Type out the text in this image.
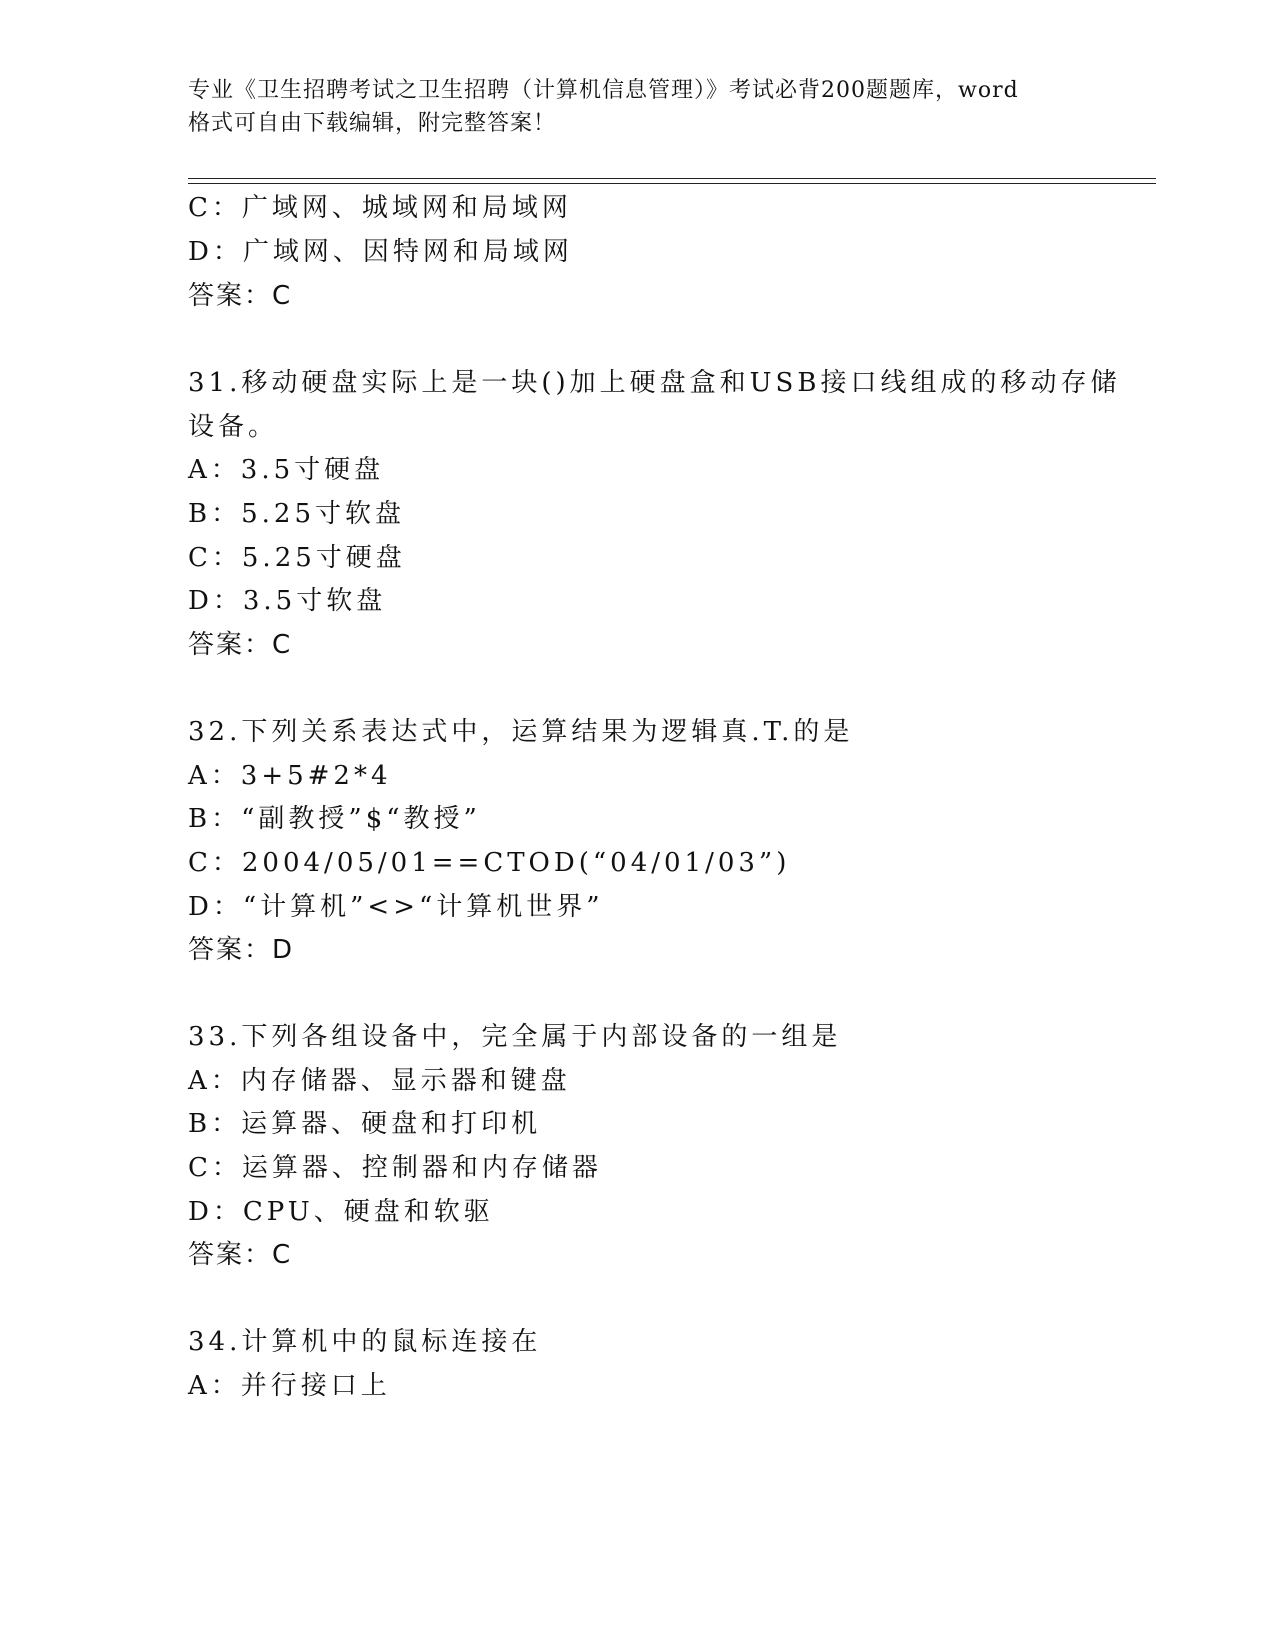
专业《卫生招聘考试之卫生招聘（计算机信息管理）》考试必背200题题库，word
格式可自由下载编辑，附完整答案！
C：广域网、城域网和局域网
D：广域网、因特网和局域网
答案：C
31.移动硬盘实际上是一块()加上硬盘盒和USB接口线组成的移动存储
设备。
A：3.5寸硬盘
B：5.25寸软盘
C：5.25寸硬盘
D：3.5寸软盘
答案：C
32.下列关系表达式中，运算结果为逻辑真.T.的是
A：3+5#2*4
B：“副教授”$“教授”
C：2004/05/01==CTOD(“04/01/03”)
D：“计算机”<>“计算机世界”
答案：D
33.下列各组设备中，完全属于内部设备的一组是
A：内存储器、显示器和键盘
B：运算器、硬盘和打印机
C：运算器、控制器和内存储器
D：CPU、硬盘和软驱
答案：C
34.计算机中的鼠标连接在
A：并行接口上
